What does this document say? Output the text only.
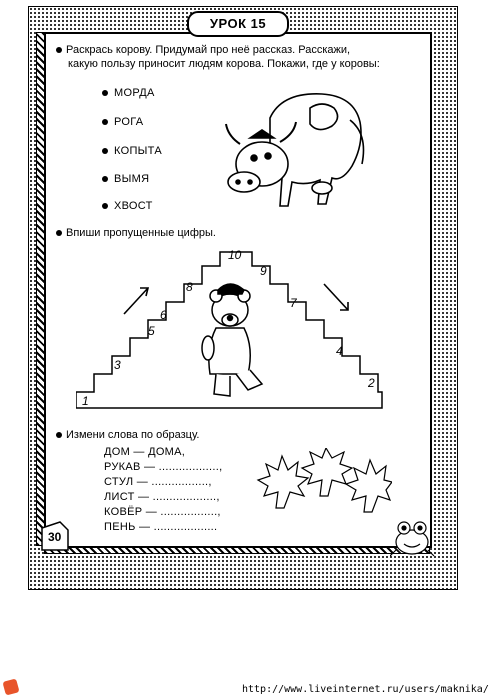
УРОК 15
Раскрась корову. Придумай про неё рассказ. Расскажи,
какую пользу приносит людям корова. Покажи, где у коровы:
МОРДА
РОГА
КОПЫТА
ВЫМЯ
ХВОСТ
Впиши пропущенные цифры.
1
3
5
6
8
10
9
7
4
2
Измени слова по образцу.
ДОМ — ДОМА,
РУКАВ — ..................,
СТУЛ — .................,
ЛИСТ — ...................,
КОВЁР — .................,
ПЕНЬ — ...................
30
http://www.liveinternet.ru/users/maknika/
